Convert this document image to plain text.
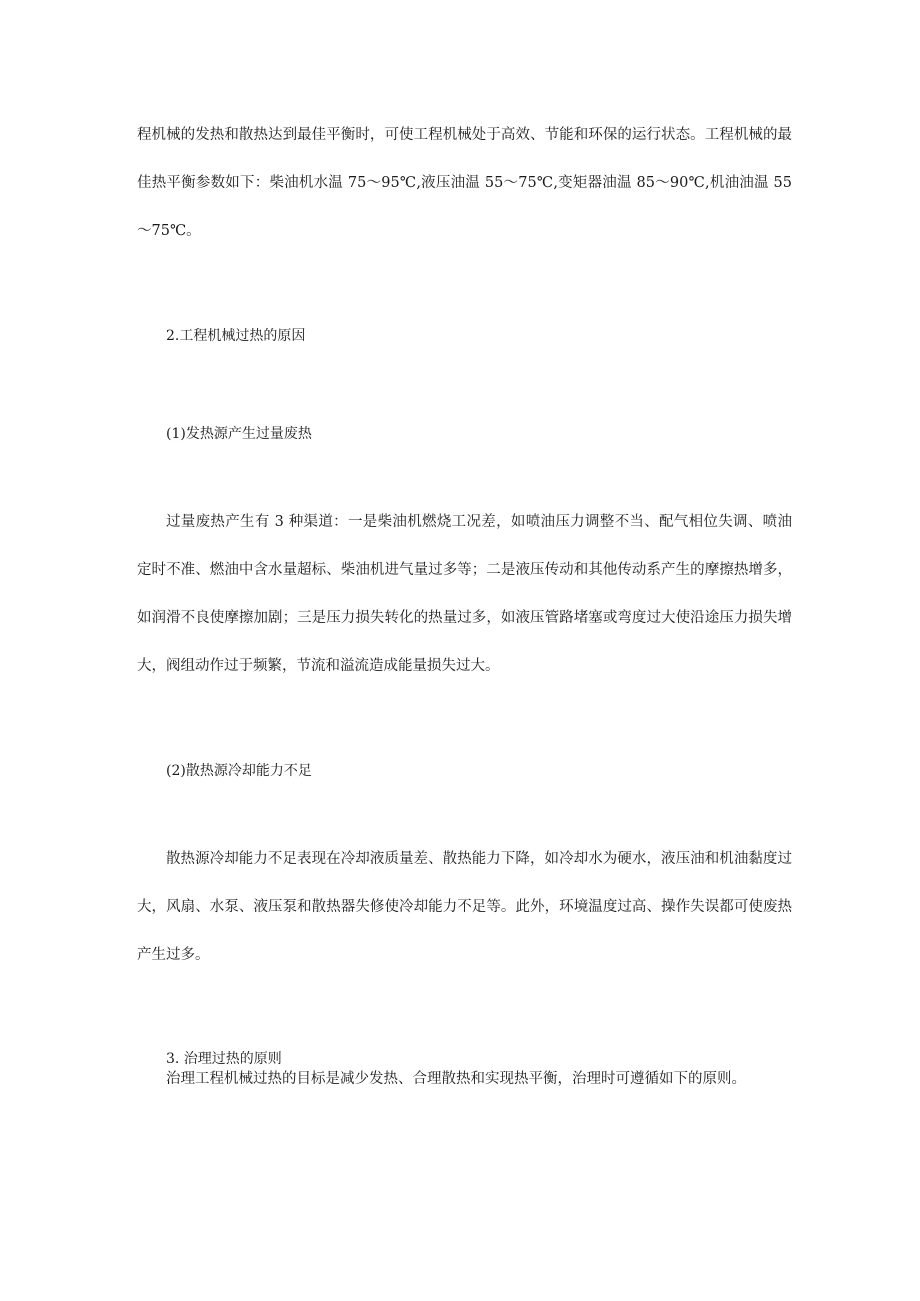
程机械的发热和散热达到最佳平衡时，可使工程机械处于高效、节能和环保的运行状态。工程机械的最佳热平衡参数如下：柴油机水温 75～95℃,液压油温 55～75℃,变矩器油温 85～90℃,机油油温 55～75℃。

2.工程机械过热的原因

(1)发热源产生过量废热

过量废热产生有 3 种渠道：一是柴油机燃烧工况差，如喷油压力调整不当、配气相位失调、喷油定时不准、燃油中含水量超标、柴油机进气量过多等；二是液压传动和其他传动系产生的摩擦热增多，如润滑不良使摩擦加剧；三是压力损失转化的热量过多，如液压管路堵塞或弯度过大使沿途压力损失增大，阀组动作过于频繁，节流和溢流造成能量损失过大。

(2)散热源冷却能力不足

散热源冷却能力不足表现在冷却液质量差、散热能力下降，如冷却水为硬水，液压油和机油黏度过大，风扇、水泵、液压泵和散热器失修使冷却能力不足等。此外，环境温度过高、操作失误都可使废热产生过多。

3. 治理过热的原则

治理工程机械过热的目标是减少发热、合理散热和实现热平衡，治理时可遵循如下的原则。
